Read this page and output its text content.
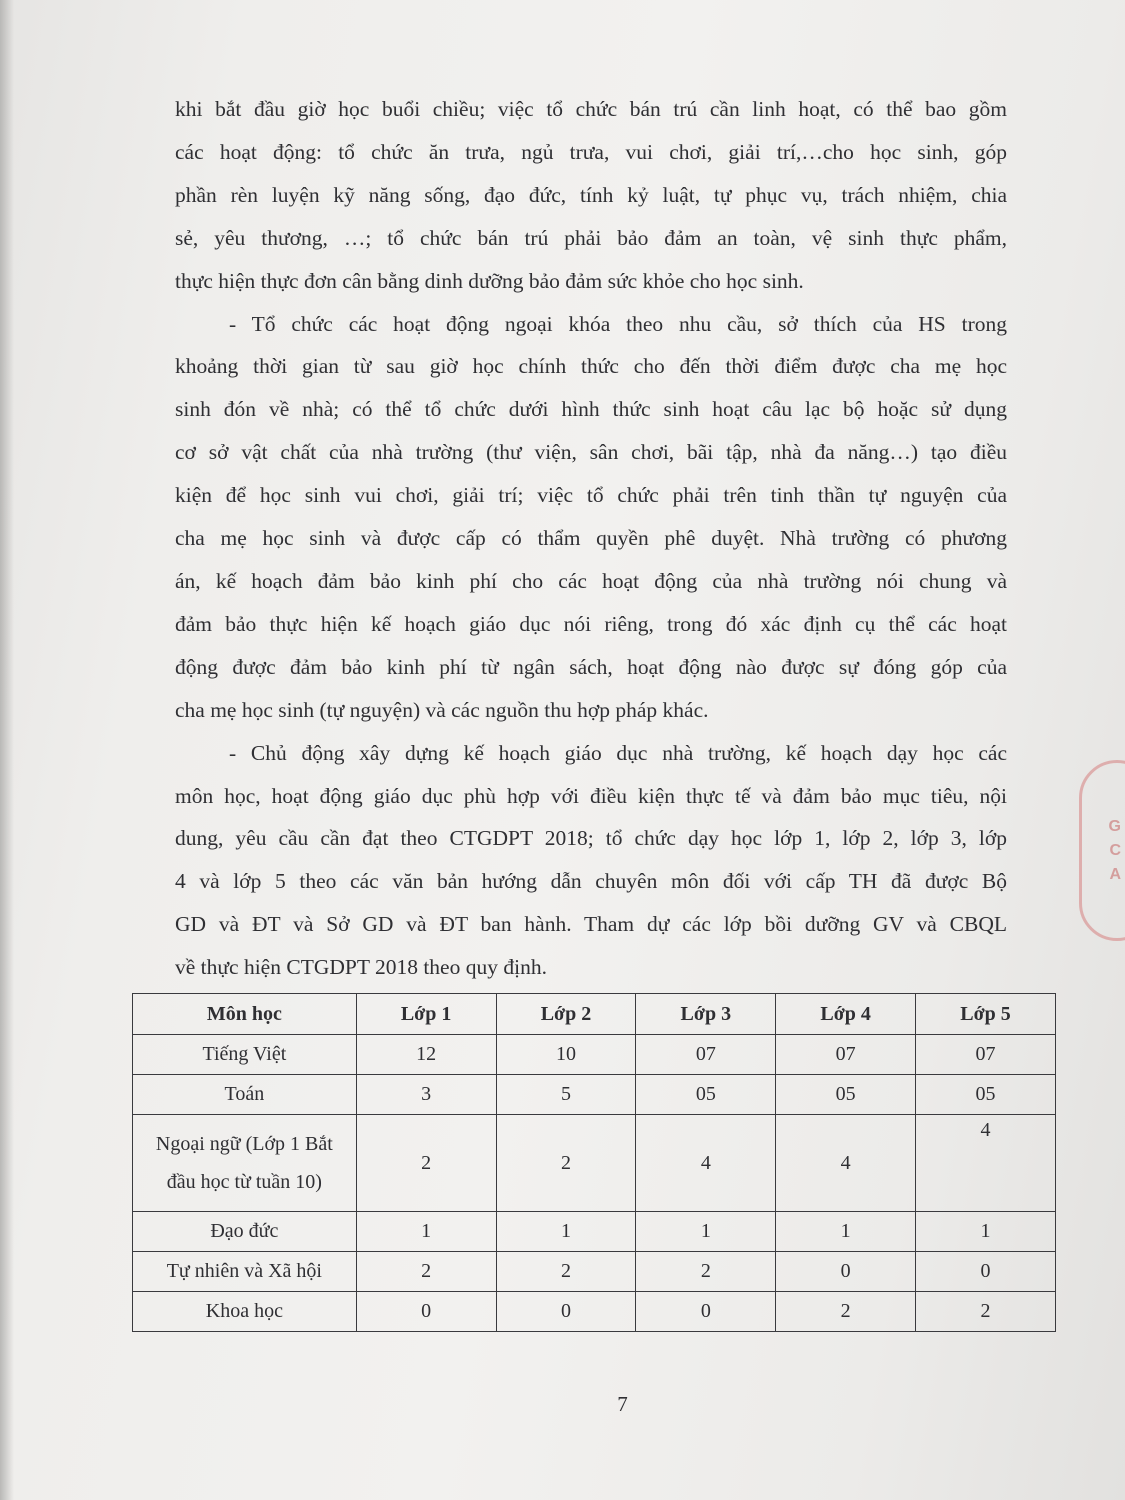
khi bắt đầu giờ học buổi chiều; việc tổ chức bán trú cần linh hoạt, có thể bao gồm
các hoạt động: tổ chức ăn trưa, ngủ trưa, vui chơi, giải trí,…cho học sinh, góp
phần rèn luyện kỹ năng sống, đạo đức, tính kỷ luật, tự phục vụ, trách nhiệm, chia
sẻ, yêu thương, …; tổ chức bán trú phải bảo đảm an toàn, vệ sinh thực phẩm,
thực hiện thực đơn cân bằng dinh dưỡng bảo đảm sức khỏe cho học sinh.
- Tổ chức các hoạt động ngoại khóa theo nhu cầu, sở thích của HS trong
khoảng thời gian từ sau giờ học chính thức cho đến thời điểm được cha mẹ học
sinh đón về nhà; có thể tổ chức dưới hình thức sinh hoạt câu lạc bộ hoặc sử dụng
cơ sở vật chất của nhà trường (thư viện, sân chơi, bãi tập, nhà đa năng…) tạo điều
kiện để học sinh vui chơi, giải trí; việc tổ chức phải trên tinh thần tự nguyện của
cha mẹ học sinh và được cấp có thẩm quyền phê duyệt. Nhà trường có phương
án, kế hoạch đảm bảo kinh phí cho các hoạt động của nhà trường nói chung và
đảm bảo thực hiện kế hoạch giáo dục nói riêng, trong đó xác định cụ thể các hoạt
động được đảm bảo kinh phí từ ngân sách, hoạt động nào được sự đóng góp của
cha mẹ học sinh (tự nguyện) và các nguồn thu hợp pháp khác.
- Chủ động xây dựng kế hoạch giáo dục nhà trường, kế hoạch dạy học các
môn học, hoạt động giáo dục phù hợp với điều kiện thực tế và đảm bảo mục tiêu, nội
dung, yêu cầu cần đạt theo CTGDPT 2018; tổ chức dạy học lớp 1, lớp 2, lớp 3, lớp
4 và lớp 5 theo các văn bản hướng dẫn chuyên môn đối với cấp TH đã được Bộ
GD và ĐT và Sở GD và ĐT ban hành. Tham dự các lớp bồi dưỡng GV và CBQL
về thực hiện CTGDPT 2018 theo quy định.
Môn học	Lớp 1	Lớp 2	Lớp 3	Lớp 4	Lớp 5
Tiếng Việt	12	10	07	07	07
Toán	3	5	05	05	05
Ngoại ngữ (Lớp 1 Bắt
đầu học từ tuần 10)	2	2	4	4	4
Đạo đức	1	1	1	1	1
Tự nhiên và Xã hội	2	2	2	0	0
Khoa học	0	0	0	2	2
7
G
C
A
